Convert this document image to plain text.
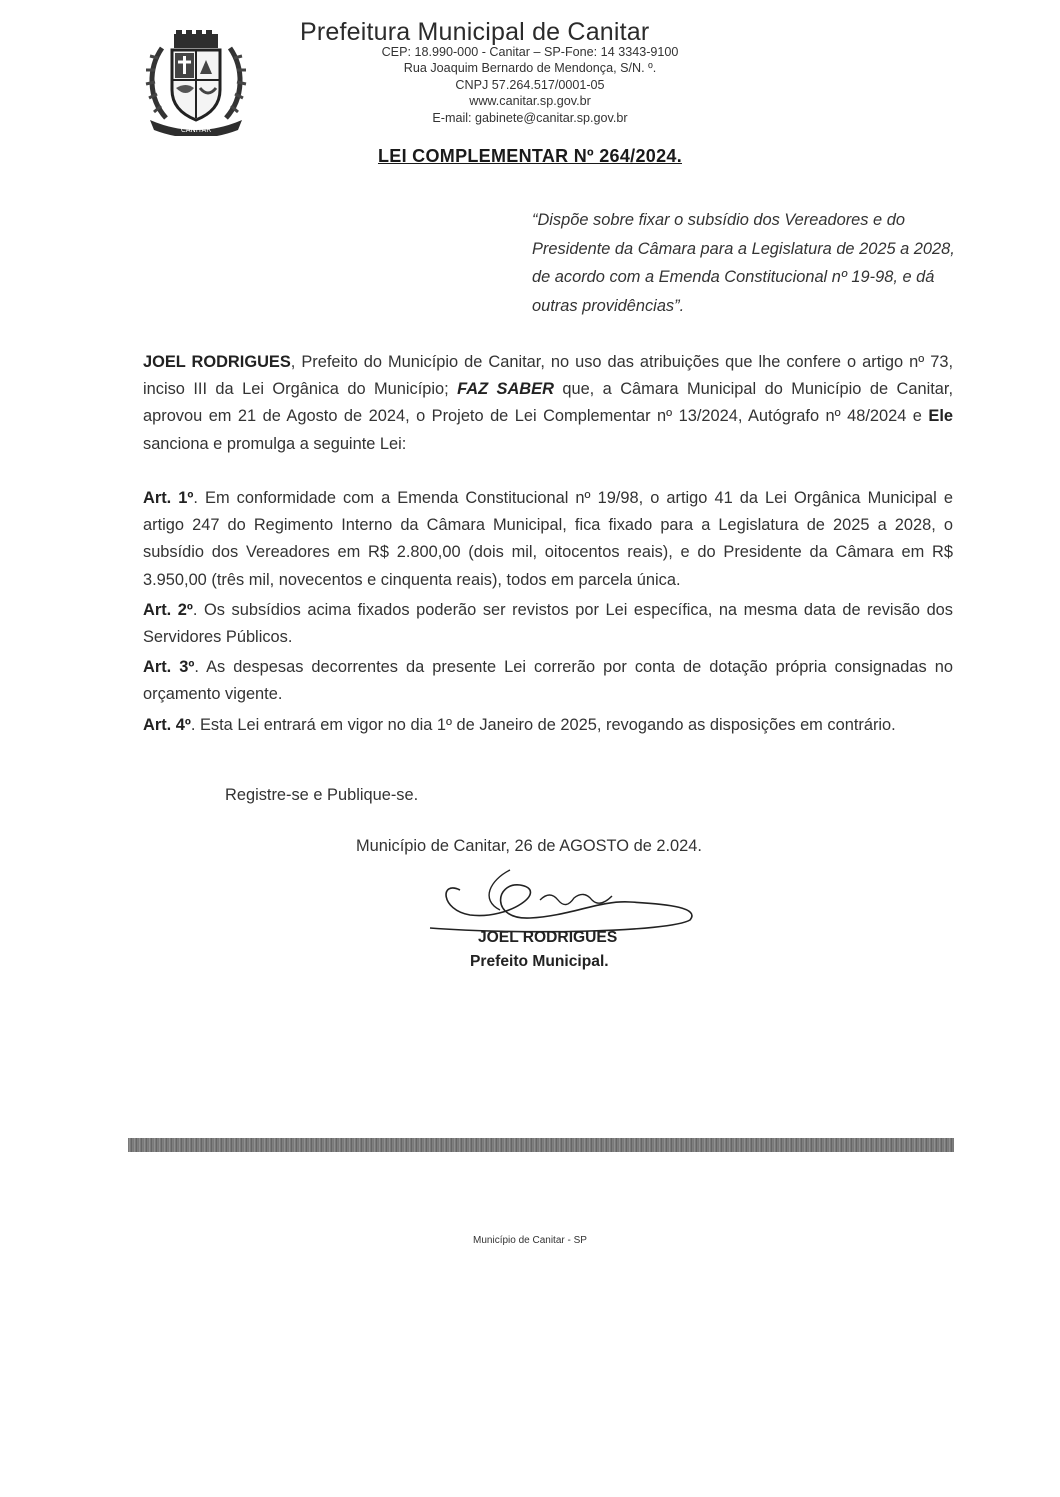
CANITAR
Prefeitura Municipal de Canitar
CEP: 18.990-000 - Canitar – SP-Fone: 14 3343-9100
Rua Joaquim Bernardo de Mendonça, S/N. º.
CNPJ 57.264.517/0001-05
www.canitar.sp.gov.br
E-mail: gabinete@canitar.sp.gov.br
LEI COMPLEMENTAR Nº 264/2024.
“Dispõe sobre fixar o subsídio dos Vereadores e do Presidente da Câmara para a Legislatura de 2025 a 2028, de acordo com a Emenda Constitucional nº 19-98, e dá outras providências”.
JOEL RODRIGUES, Prefeito do Município de Canitar, no uso das atribuições que lhe confere o artigo nº 73, inciso III da Lei Orgânica do Município; FAZ SABER que, a Câmara Municipal do Município de Canitar, aprovou em 21 de Agosto de 2024, o Projeto de Lei Complementar nº 13/2024, Autógrafo nº 48/2024 e Ele sanciona e promulga a seguinte Lei:

Art. 1º. Em conformidade com a Emenda Constitucional nº 19/98, o artigo 41 da Lei Orgânica Municipal e artigo 247 do Regimento Interno da Câmara Municipal, fica fixado para a Legislatura de 2025 a 2028, o subsídio dos Vereadores em R$ 2.800,00 (dois mil, oitocentos reais), e do Presidente da Câmara em R$ 3.950,00 (três mil, novecentos e cinquenta reais), todos em parcela única.

Art. 2º. Os subsídios acima fixados poderão ser revistos por Lei específica, na mesma data de revisão dos Servidores Públicos.

Art. 3º. As despesas decorrentes da presente Lei correrão por conta de dotação própria consignadas no orçamento vigente.

Art. 4º. Esta Lei entrará em vigor no dia 1º de Janeiro de 2025, revogando as disposições em contrário.

Registre-se e Publique-se.
Município de Canitar, 26 de AGOSTO de 2.024.
JOEL RODRIGUES
Prefeito Municipal.
Município de Canitar - SP
